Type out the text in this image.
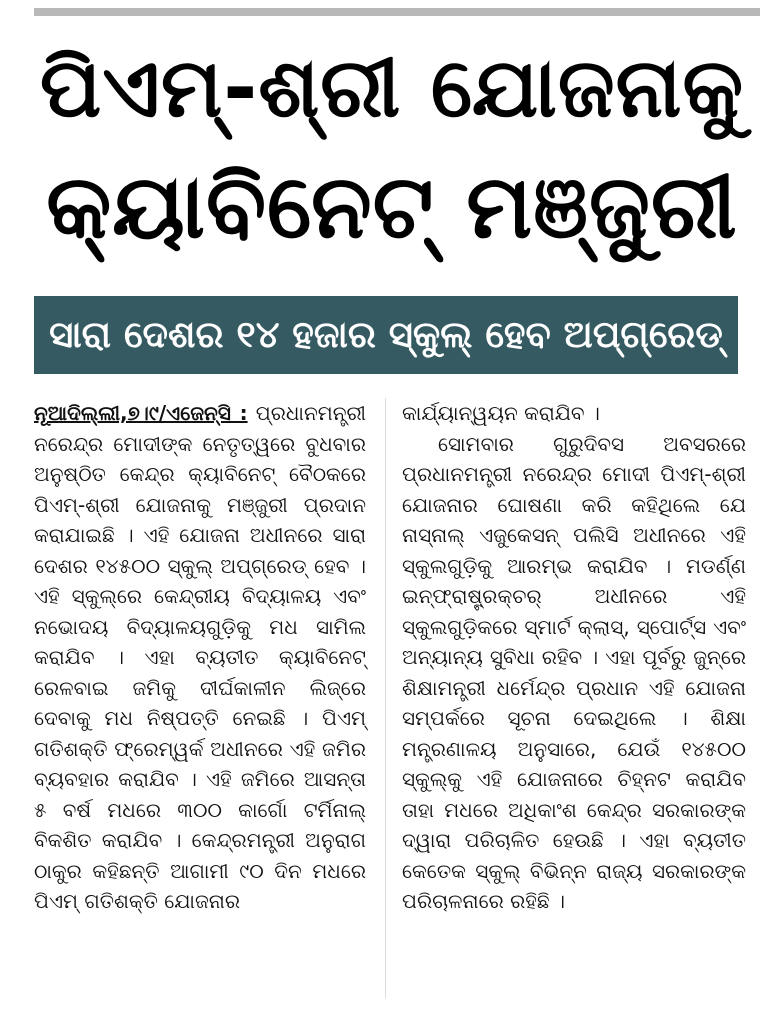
ପିଏମ୍-ଶ୍ରୀ ଯୋଜନାକୁ
କ୍ୟାବିନେଟ୍ ମଞ୍ଜୁରୀ
ସାରା ଦେଶର ୧୪ ହଜାର ସ୍କୁଲ୍ ହେବ ଅପ୍‌ଗ୍ରେଡ୍

ନୂଆଦିଲ୍ଲୀ,୭।୯/ଏଜେନ୍ସି : ପ୍ରଧାନମନ୍ତ୍ରୀ ନରେନ୍ଦ୍ର ମୋଦୀଙ୍କ ନେତୃତ୍ୱରେ ବୁଧବାର ଅନୁଷ୍ଠିତ କେନ୍ଦ୍ର କ୍ୟାବିନେଟ୍ ବୈଠକରେ ପିଏମ୍-ଶ୍ରୀ ଯୋଜନାକୁ ମଞ୍ଜୁରୀ ପ୍ରଦାନ କରାଯାଇଛି । ଏହି ଯୋଜନା ଅଧୀନରେ ସାରା ଦେଶର ୧୪୫୦୦ ସ୍କୁଲ୍ ଅପ୍‌ଗ୍ରେଡ୍ ହେବ । ଏହି ସ୍କୁଲ୍‌ରେ କେନ୍ଦ୍ରୀୟ ବିଦ୍ୟାଳୟ ଏବଂ ନଭୋଦୟ ବିଦ୍ୟାଳୟଗୁଡ଼ିକୁ ମଧ ସାମିଲ କରାଯିବ । ଏହା ବ୍ୟତୀତ କ୍ୟାବିନେଟ୍ ରେଳବାଇ ଜମିକୁ ଦୀର୍ଘକାଳୀନ ଲିଜ୍‌ରେ ଦେବାକୁ ମଧ ନିଷ୍ପତ୍ତି ନେଇଛି । ପିଏମ୍ ଗତିଶକ୍ତି ଫ୍ରେମ୍‌ୱର୍କ ଅଧୀନରେ ଏହି ଜମିର ବ୍ୟବହାର କରାଯିବ । ଏହି ଜମିରେ ଆସନ୍ତା ୫ ବର୍ଷ ମଧରେ ୩୦୦ କାର୍ଗୋ ଟର୍ମିନାଲ୍ ବିକଶିତ କରାଯିବ । କେନ୍ଦ୍ରମନ୍ତ୍ରୀ ଅନୁରାଗ ଠାକୁର କହିଛନ୍ତି ଆଗାମୀ ୯୦ ଦିନ ମଧରେ ପିଏମ୍ ଗତିଶକ୍ତି ଯୋଜନାର

କାର୍ଯ୍ୟାନ୍ୱୟନ କରାଯିବ ।

ସୋମବାର ଗୁରୁଦିବସ ଅବସରରେ ପ୍ରଧାନମନ୍ତ୍ରୀ ନରେନ୍ଦ୍ର ମୋଦୀ ପିଏମ୍-ଶ୍ରୀ ଯୋଜନାର ଘୋଷଣା କରି କହିଥିଲେ ଯେ ନାସ୍‌ନାଲ୍ ଏଜୁକେସନ୍ ପଲିସି ଅଧୀନରେ ଏହି ସ୍କୁଲଗୁଡ଼ିକୁ ଆରମ୍ଭ କରାଯିବ । ମଡର୍ଣ୍ଣ ଇନ୍‌ଫ୍ରାଷ୍ଟ୍ରକ୍‌ଚର୍ ଅଧୀନରେ ଏହି ସ୍କୁଲଗୁଡ଼ିକରେ ସ୍ମାର୍ଟ କ୍ଲାସ୍, ସ୍ପୋର୍ଟ୍ସ ଏବଂ ଅନ୍ୟାନ୍ୟ ସୁବିଧା ରହିବ । ଏହା ପୂର୍ବରୁ ଜୁନ୍‌ରେ ଶିକ୍ଷାମନ୍ତ୍ରୀ ଧର୍ମେନ୍ଦ୍ର ପ୍ରଧାନ ଏହି ଯୋଜନା ସମ୍ପର୍କରେ ସୂଚନା ଦେଇଥିଲେ । ଶିକ୍ଷା ମନ୍ତ୍ରଣାଳୟ ଅନୁସାରେ, ଯେଉଁ ୧୪୫୦୦ ସ୍କୁଲ୍‌କୁ ଏହି ଯୋଜନାରେ ଚିହ୍ନଟ କରାଯିବ ତାହା ମଧରେ ଅଧିକାଂଶ କେନ୍ଦ୍ର ସରକାରଙ୍କ ଦ୍ୱାରା ପରିଚାଳିତ ହେଉଛି । ଏହା ବ୍ୟତୀତ କେତେକ ସ୍କୁଲ୍ ବିଭିନ୍ନ ରାଜ୍ୟ ସରକାରଙ୍କ ପରିଚାଳନାରେ ରହିଛି ।
